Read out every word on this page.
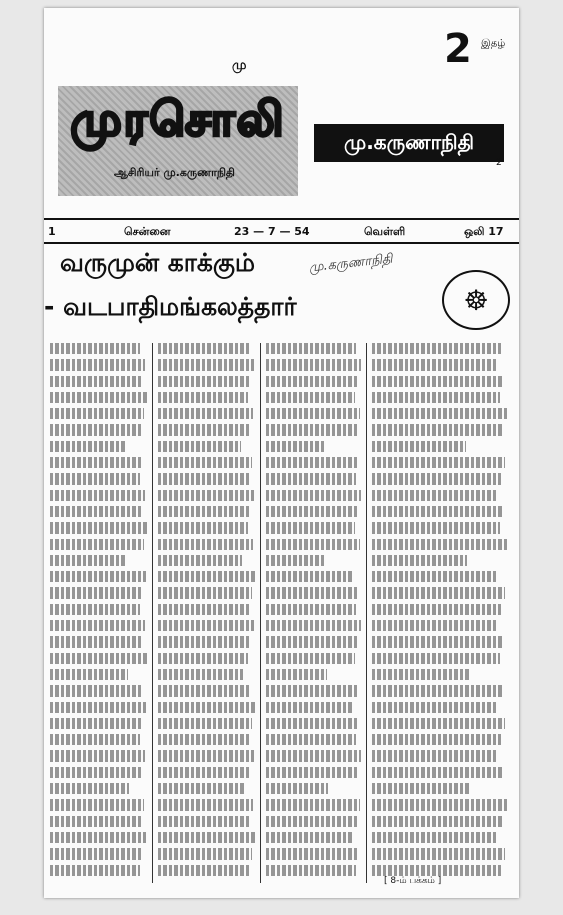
மு
முரசொலி
ஆசிரியர் மு.கருணாநிதி
2 இதழ்
மு.கருணாநிதி
2
1	சென்னை	23 — 7 — 54	வெள்ளி	ஒலி 17
வருமுன் காக்கும்
- வடபாதிமங்கலத்தார்
மு.கருணாநிதி
☸
[ 8-ம் பக்கம் ]
